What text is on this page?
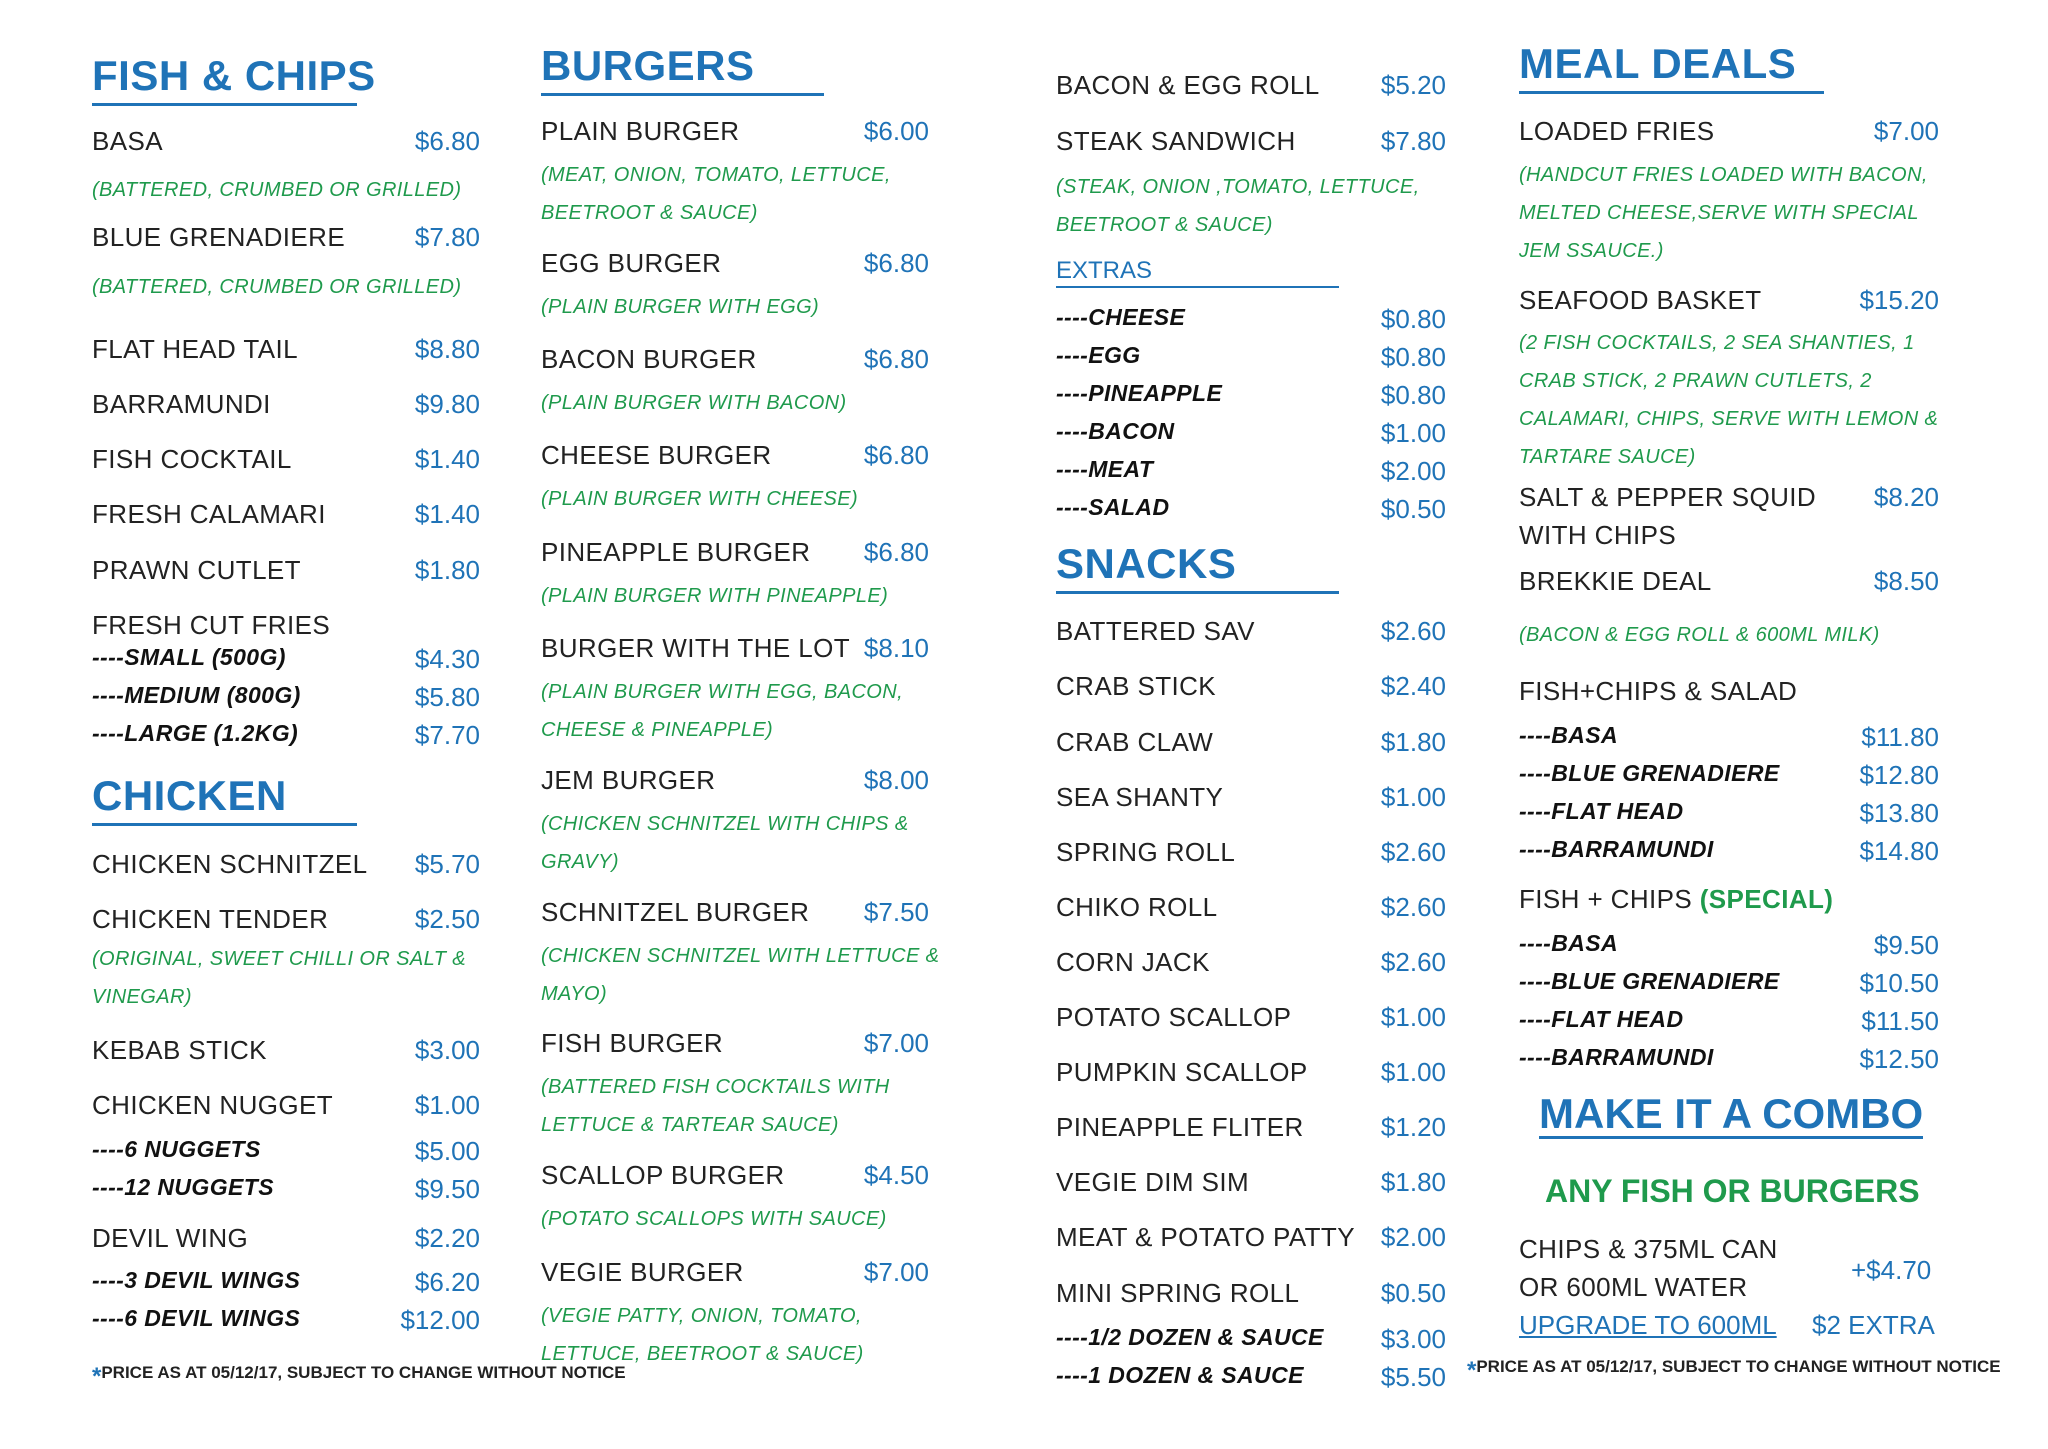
FISH & CHIPS
BASA	$6.80
(BATTERED, CRUMBED OR GRILLED)
BLUE GRENADIERE	$7.80
(BATTERED, CRUMBED OR GRILLED)
FLAT HEAD TAIL	$8.80
BARRAMUNDI	$9.80
FISH COCKTAIL	$1.40
FRESH CALAMARI	$1.40
PRAWN CUTLET	$1.80
FRESH CUT FRIES
----SMALL (500G)	$4.30
----MEDIUM (800G)	$5.80
----LARGE (1.2KG)	$7.70
CHICKEN
CHICKEN SCHNITZEL $5.70
CHICKEN TENDER	$2.50
(ORIGINAL, SWEET CHILLI OR SALT & VINEGAR)
KEBAB STICK	$3.00
CHICKEN NUGGET	$1.00
----6 NUGGETS	$5.00
----12 NUGGETS	$9.50
DEVIL WING	$2.20
----3 DEVIL WINGS	$6.20
----6 DEVIL WINGS	$12.00
*PRICE AS AT 05/12/17, SUBJECT TO CHANGE WITHOUT NOTICE
BURGERS
PLAIN BURGER	$6.00
(MEAT, ONION, TOMATO, LETTUCE, BEETROOT & SAUCE)
EGG BURGER	$6.80
(PLAIN BURGER WITH EGG)
BACON BURGER	$6.80
(PLAIN BURGER WITH BACON)
CHEESE BURGER	$6.80
(PLAIN BURGER WITH CHEESE)
PINEAPPLE BURGER $6.80
(PLAIN BURGER WITH PINEAPPLE)
BURGER WITH THE LOT $8.10
(PLAIN BURGER WITH EGG, BACON, CHEESE & PINEAPPLE)
JEM BURGER	$8.00
(CHICKEN SCHNITZEL WITH CHIPS & GRAVY)
SCHNITZEL BURGER $7.50
(CHICKEN SCHNITZEL WITH LETTUCE & MAYO)
FISH BURGER	$7.00
(BATTERED FISH COCKTAILS WITH LETTUCE & TARTEAR SAUCE)
SCALLOP BURGER	$4.50
(POTATO SCALLOPS WITH SAUCE)
VEGIE BURGER	$7.00
(VEGIE PATTY, ONION, TOMATO, LETTUCE, BEETROOT & SAUCE)
BACON & EGG ROLL $5.20
STEAK SANDWICH	$7.80
(STEAK, ONION ,TOMATO, LETTUCE, BEETROOT & SAUCE)
EXTRAS
----CHEESE	$0.80
----EGG	$0.80
----PINEAPPLE	$0.80
----BACON	$1.00
----MEAT	$2.00
----SALAD	$0.50
SNACKS
BATTERED SAV	$2.60
CRAB STICK	$2.40
CRAB CLAW	$1.80
SEA SHANTY	$1.00
SPRING ROLL	$2.60
CHIKO ROLL	$2.60
CORN JACK	$2.60
POTATO SCALLOP	$1.00
PUMPKIN SCALLOP	$1.00
PINEAPPLE FLITER	$1.20
VEGIE DIM SIM	$1.80
MEAT & POTATO PATTY $2.00
MINI SPRING ROLL	$0.50
----1/2 DOZEN & SAUCE $3.00
----1 DOZEN & SAUCE	$5.50
MEAL DEALS
LOADED FRIES	$7.00
(HANDCUT FRIES LOADED WITH BACON, MELTED CHEESE,SERVE WITH SPECIAL JEM SSAUCE.)
SEAFOOD BASKET	$15.20
(2 FISH COCKTAILS, 2 SEA SHANTIES, 1 CRAB STICK, 2 PRAWN CUTLETS, 2 CALAMARI, CHIPS, SERVE WITH LEMON & TARTARE SAUCE)
SALT & PEPPER SQUID $8.20
WITH CHIPS
BREKKIE DEAL	$8.50
(BACON & EGG ROLL & 600ML MILK)
FISH+CHIPS & SALAD
----BASA	$11.80
----BLUE GRENADIERE	$12.80
----FLAT HEAD	$13.80
----BARRAMUNDI	$14.80
FISH + CHIPS (SPECIAL)
----BASA	$9.50
----BLUE GRENADIERE	$10.50
----FLAT HEAD	$11.50
----BARRAMUNDI	$12.50
MAKE IT A COMBO
ANY FISH OR BURGERS
CHIPS & 375ML CAN
OR 600ML WATER
+$4.70
UPGRADE TO 600ML $2 EXTRA
*PRICE AS AT 05/12/17, SUBJECT TO CHANGE WITHOUT NOTICE
